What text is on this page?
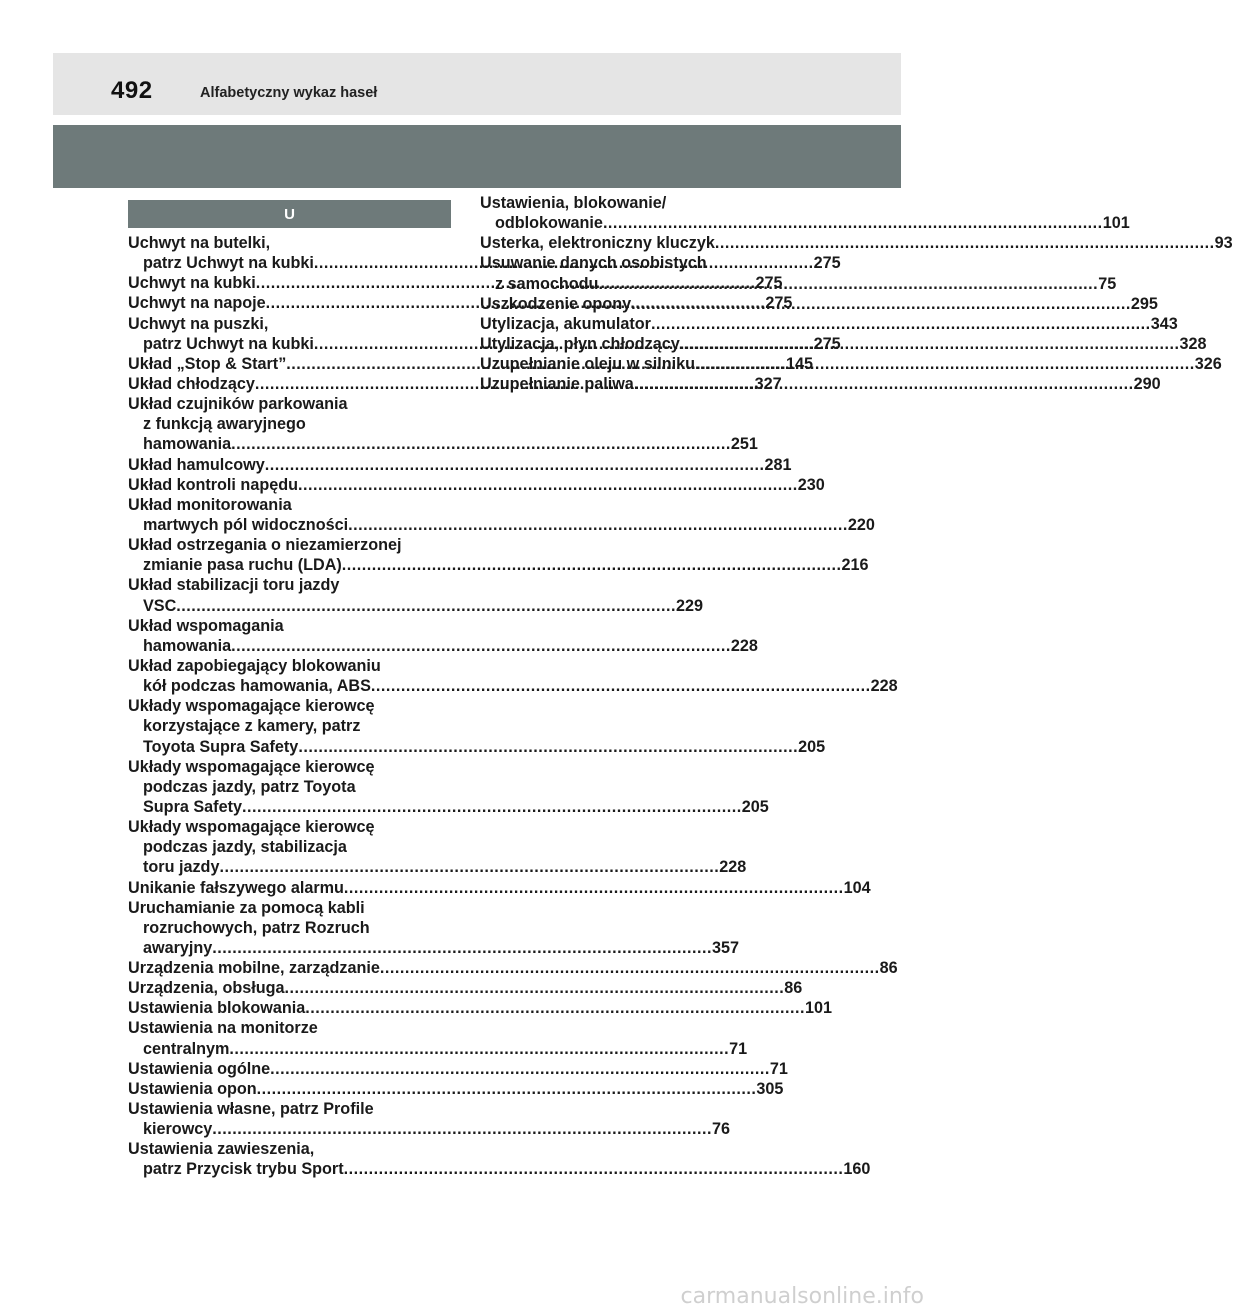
492	Alfabetyczny wykaz haseł
U
Uchwyt na butelki,
patrz Uchwyt na kubki .....	275
Uchwyt na kubki .....	275
Uchwyt na napoje .....	275
Uchwyt na puszki,
patrz Uchwyt na kubki .....	275
Układ „Stop & Start” .....	145
Układ chłodzący .....	327
Układ czujników parkowania
z funkcją awaryjnego
hamowania .....	251
Układ hamulcowy .....	281
Układ kontroli napędu .....	230
Układ monitorowania
martwych pól widoczności .....	220
Układ ostrzegania o niezamierzonej
zmianie pasa ruchu (LDA) .....	216
Układ stabilizacji toru jazdy
VSC .....	229
Układ wspomagania
hamowania .....	228
Układ zapobiegający blokowaniu
kół podczas hamowania, ABS .....	228
Układy wspomagające kierowcę
korzystające z kamery, patrz
Toyota Supra Safety .....	205
Układy wspomagające kierowcę
podczas jazdy, patrz Toyota
Supra Safety .....	205
Układy wspomagające kierowcę
podczas jazdy, stabilizacja
toru jazdy .....	228
Unikanie fałszywego alarmu .....	104
Uruchamianie za pomocą kabli
rozruchowych, patrz Rozruch
awaryjny .....	357
Urządzenia mobilne, zarządzanie .....	86
Urządzenia, obsługa .....	86
Ustawienia blokowania .....	101
Ustawienia na monitorze
centralnym .....	71
Ustawienia ogólne .....	71
Ustawienia opon .....	305
Ustawienia własne, patrz Profile
kierowcy .....	76
Ustawienia zawieszenia,
patrz Przycisk trybu Sport .....	160
Ustawienia, blokowanie/
odblokowanie .....	101
Usterka, elektroniczny kluczyk .....	93
Usuwanie danych osobistych
z samochodu .....	75
Uszkodzenie opony .....	295
Utylizacja, akumulator .....	343
Utylizacja, płyn chłodzący .....	328
Uzupełnianie oleju w silniku .....	326
Uzupełnianie paliwa .....	290
carmanualsonline.info
